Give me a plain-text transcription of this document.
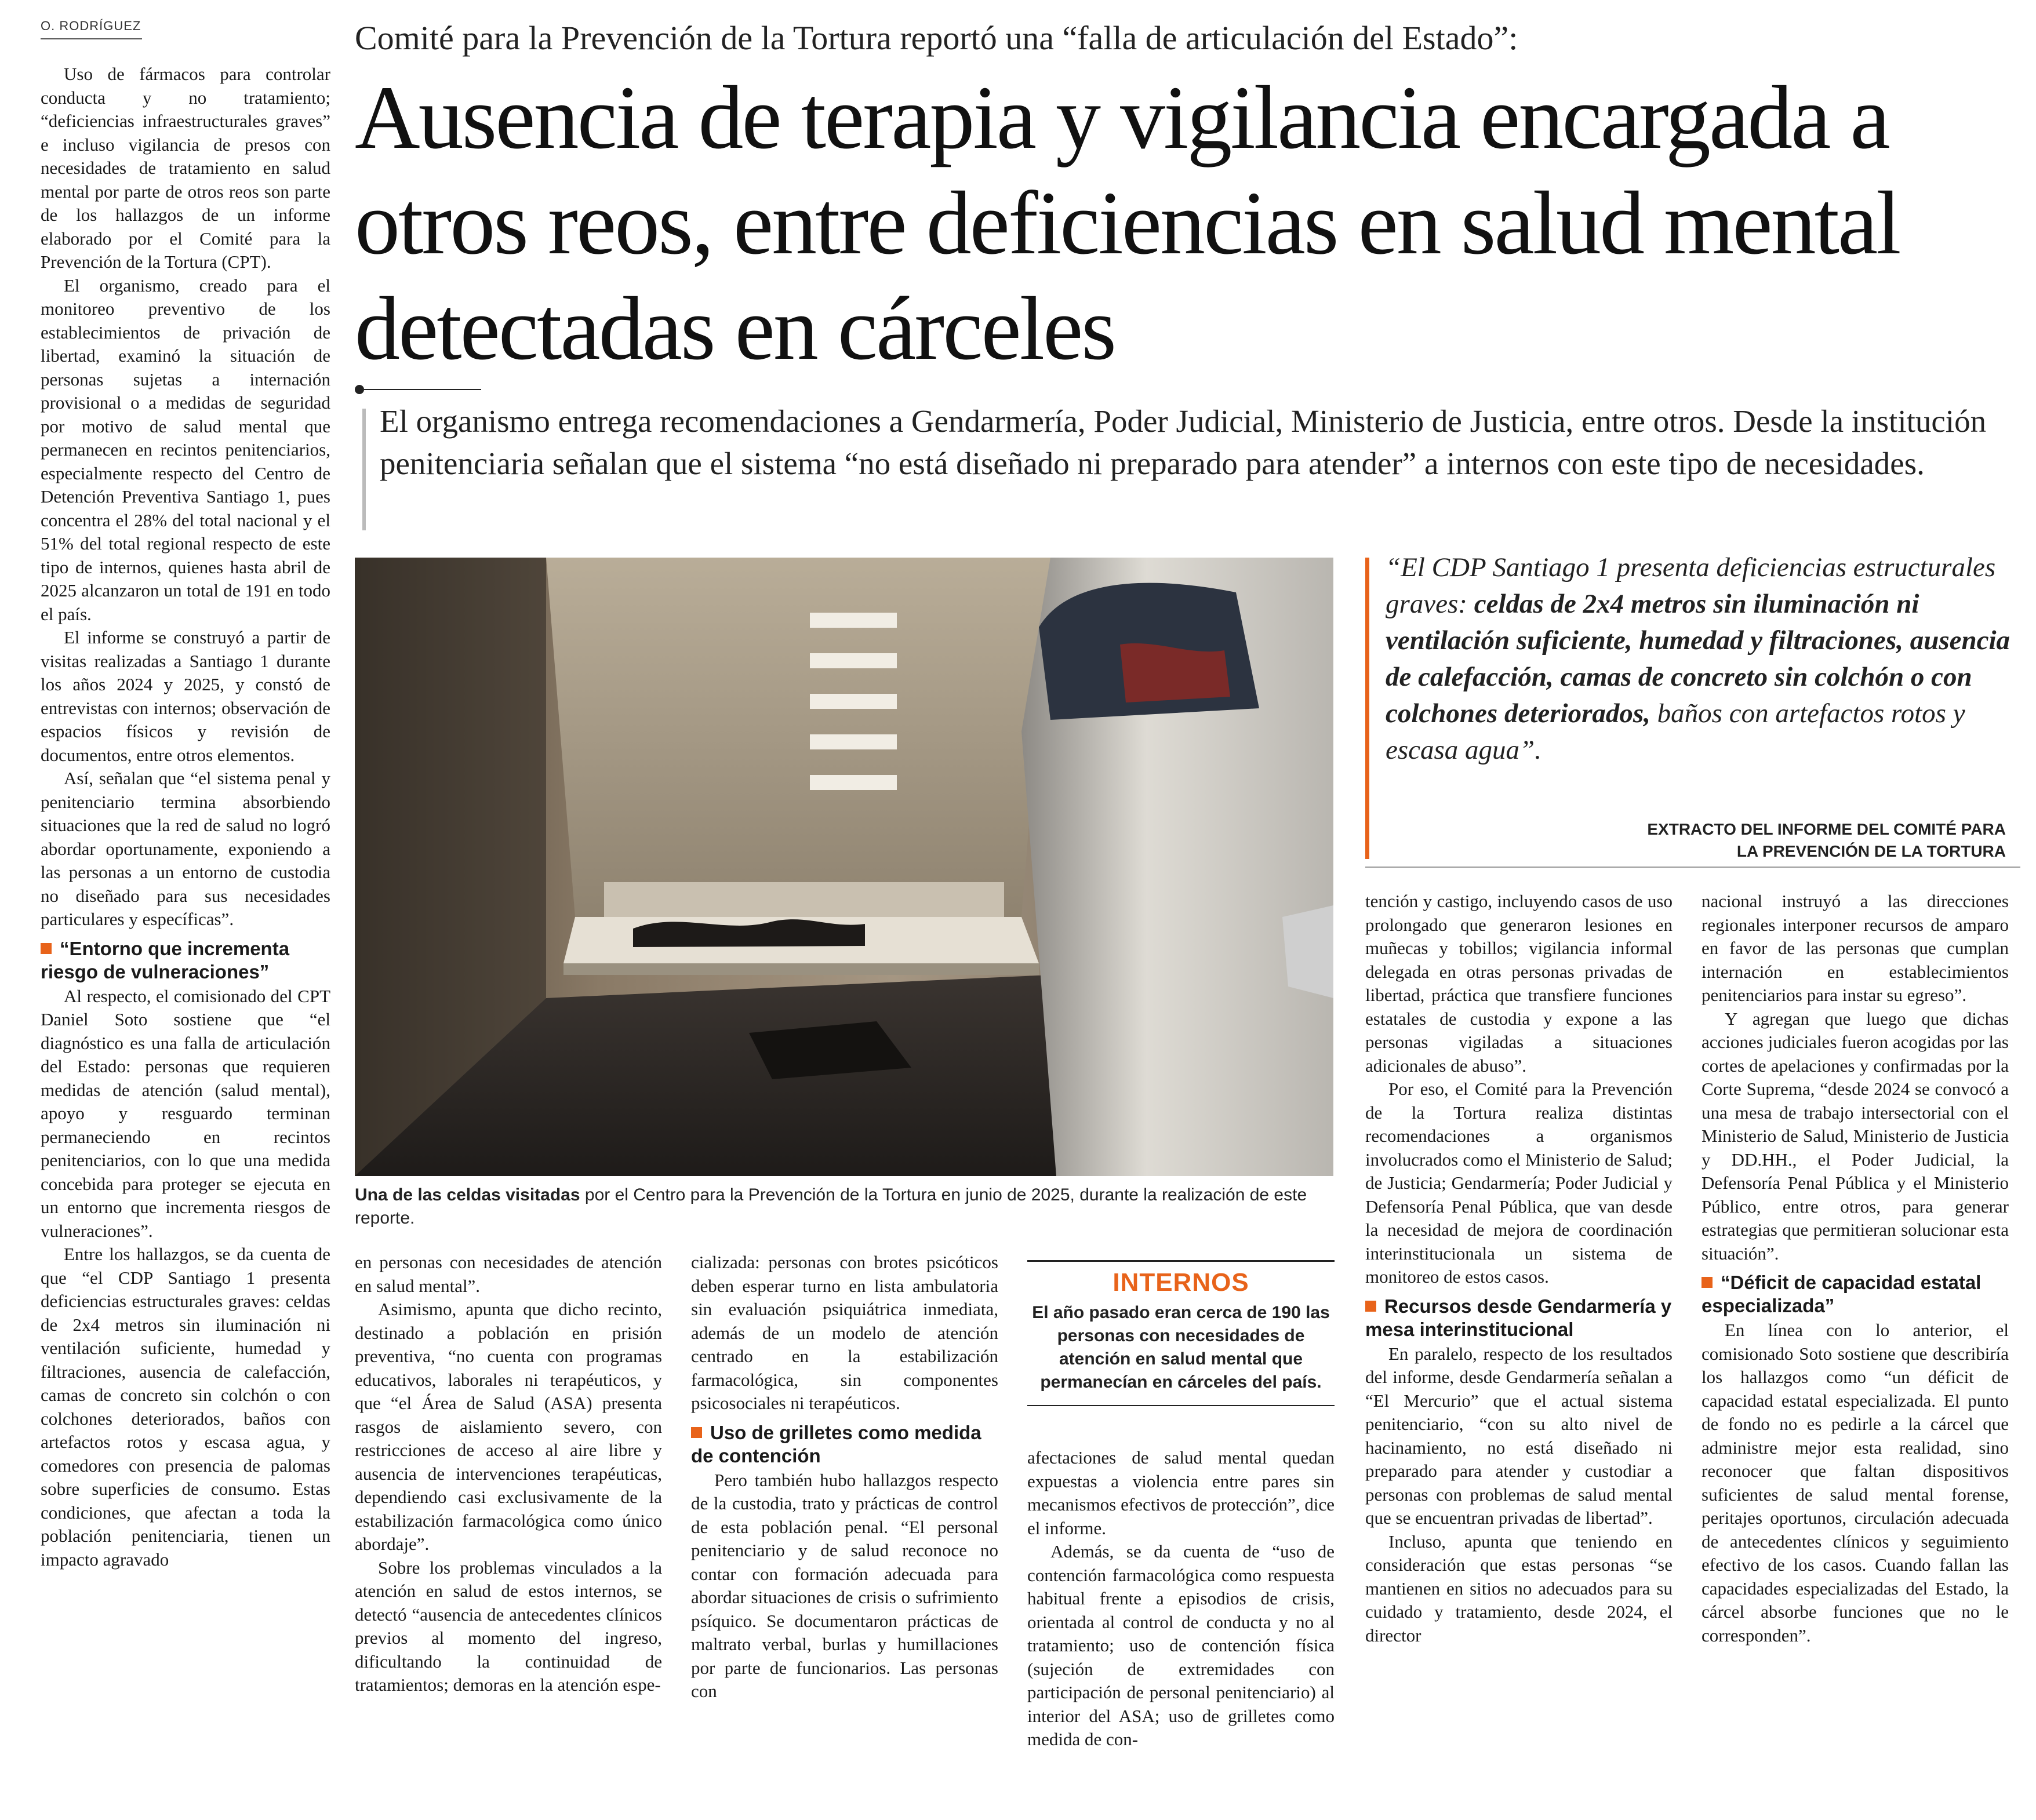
O. RODRÍGUEZ	Comité para la Prevención de la Tortura reportó una “falla de articulación del Estado”:
Ausencia de terapia y vigilancia encargada a otros reos, entre deficiencias en salud mental detectadas en cárceles
El organismo entrega recomendaciones a Gendarmería, Poder Judicial, Ministerio de Justicia, entre otros. Desde la institución penitenciaria señalan que el sistema “no está diseñado ni preparado para atender” a internos con este tipo de necesidades.
Una de las celdas visitadas por el Centro para la Prevención de la Tortura en junio de 2025, durante la realización de este reporte.
“El CDP Santiago 1 presenta deficiencias estructurales graves: celdas de 2x4 metros sin iluminación ni ventilación suficiente, humedad y filtraciones, ausencia de calefacción, camas de concreto sin colchón o con colchones deteriorados, baños con artefactos rotos y escasa agua”.
EXTRACTO DEL INFORME DEL COMITÉ PARA
LA PREVENCIÓN DE LA TORTURA

Uso de fármacos para controlar conducta y no tratamiento; “deficiencias infraestructurales graves” e incluso vigilancia de presos con necesidades de tratamiento en salud mental por parte de otros reos son parte de los hallazgos de un informe elaborado por el Comité para la Prevención de la Tortura (CPT).

El organismo, creado para el monitoreo preventivo de los establecimientos de privación de libertad, examinó la situación de personas sujetas a internación provisional o a medidas de seguridad por motivo de salud mental que permanecen en recintos penitenciarios, especialmente respecto del Centro de Detención Preventiva Santiago 1, pues concentra el 28% del total nacional y el 51% del total regional respecto de este tipo de internos, quienes hasta abril de 2025 alcanzaron un total de 191 en todo el país.

El informe se construyó a partir de visitas realizadas a Santiago 1 durante los años 2024 y 2025, y constó de entrevistas con internos; observación de espacios físicos y revisión de documentos, entre otros elementos.

Así, señalan que “el sistema penal y penitenciario termina absorbiendo situaciones que la red de salud no logró abordar oportunamente, exponiendo a las personas a un entorno de custodia no diseñado para sus necesidades particulares y específicas”.

“Entorno que incrementa riesgo de vulneraciones”

Al respecto, el comisionado del CPT Daniel Soto sostiene que “el diagnóstico es una falla de articulación del Estado: personas que requieren medidas de atención (salud mental), apoyo y resguardo terminan permaneciendo en recintos penitenciarios, con lo que una medida concebida para proteger se ejecuta en un entorno que incrementa riesgos de vulneraciones”.

Entre los hallazgos, se da cuenta de que “el CDP Santiago 1 presenta deficiencias estructurales graves: celdas de 2x4 metros sin iluminación ni ventilación suficiente, humedad y filtraciones, ausencia de calefacción, camas de concreto sin colchón o con colchones deteriorados, baños con artefactos rotos y escasa agua, y comedores con presencia de palomas sobre superficies de consumo. Estas condiciones, que afectan a toda la población penitenciaria, tienen un impacto agravado

en personas con necesidades de atención en salud mental”.

Asimismo, apunta que dicho recinto, destinado a población en prisión preventiva, “no cuenta con programas educativos, laborales ni terapéuticos, y que “el Área de Salud (ASA) presenta rasgos de aislamiento severo, con restricciones de acceso al aire libre y ausencia de intervenciones terapéuticas, dependiendo casi exclusivamente de la estabilización farmacológica como único abordaje”.

Sobre los problemas vinculados a la atención en salud de estos internos, se detectó “ausencia de antecedentes clínicos previos al momento del ingreso, dificultando la continuidad de tratamientos; demoras en la atención espe-

cializada: personas con brotes psicóticos deben esperar turno en lista ambulatoria sin evaluación psiquiátrica inmediata, además de un modelo de atención centrado en la estabilización farmacológica, sin componentes psicosociales ni terapéuticos.

Uso de grilletes como medida de contención

Pero también hubo hallazgos respecto de la custodia, trato y prácticas de control de esta población penal. “El personal penitenciario y de salud reconoce no contar con formación adecuada para abordar situaciones de crisis o sufrimiento psíquico. Se documentaron prácticas de maltrato verbal, burlas y humillaciones por parte de funcionarios. Las personas con

INTERNOS
El año pasado eran cerca de 190 las personas con necesidades de atención en salud mental que permanecían en cárceles del país.

afectaciones de salud mental quedan expuestas a violencia entre pares sin mecanismos efectivos de protección”, dice el informe.

Además, se da cuenta de “uso de contención farmacológica como respuesta habitual frente a episodios de crisis, orientada al control de conducta y no al tratamiento; uso de contención física (sujeción de extremidades con participación de personal penitenciario) al interior del ASA; uso de grilletes como medida de con-

tención y castigo, incluyendo casos de uso prolongado que generaron lesiones en muñecas y tobillos; vigilancia informal delegada en otras personas privadas de libertad, práctica que transfiere funciones estatales de custodia y expone a las personas vigiladas a situaciones adicionales de abuso”.

Por eso, el Comité para la Prevención de la Tortura realiza distintas recomendaciones a organismos involucrados como el Ministerio de Salud; de Justicia; Gendarmería; Poder Judicial y Defensoría Penal Pública, que van desde la necesidad de mejora de coordinación interinstitucionala un sistema de monitoreo de estos casos.

Recursos desde Gendarmería y mesa interinstitucional

En paralelo, respecto de los resultados del informe, desde Gendarmería señalan a “El Mercurio” que el actual sistema penitenciario, “con su alto nivel de hacinamiento, no está diseñado ni preparado para atender y custodiar a personas con problemas de salud mental que se encuentran privadas de libertad”.

Incluso, apunta que teniendo en consideración que estas personas “se mantienen en sitios no adecuados para su cuidado y tratamiento, desde 2024, el director

nacional instruyó a las direcciones regionales interponer recursos de amparo en favor de las personas que cumplan internación en establecimientos penitenciarios para instar su egreso”.

Y agregan que luego que dichas acciones judiciales fueron acogidas por las cortes de apelaciones y confirmadas por la Corte Suprema, “desde 2024 se convocó a una mesa de trabajo intersectorial con el Ministerio de Salud, Ministerio de Justicia y DD.HH., el Poder Judicial, la Defensoría Penal Pública y el Ministerio Público, entre otros, para generar estrategias que permitieran solucionar esta situación”.

“Déficit de capacidad estatal especializada”

En línea con lo anterior, el comisionado Soto sostiene que describiría los hallazgos como “un déficit de capacidad estatal especializada. El punto de fondo no es pedirle a la cárcel que administre mejor esta realidad, sino reconocer que faltan dispositivos suficientes de salud mental forense, peritajes oportunos, circulación adecuada de antecedentes clínicos y seguimiento efectivo de los casos. Cuando fallan las capacidades especializadas del Estado, la cárcel absorbe funciones que no le corresponden”.
